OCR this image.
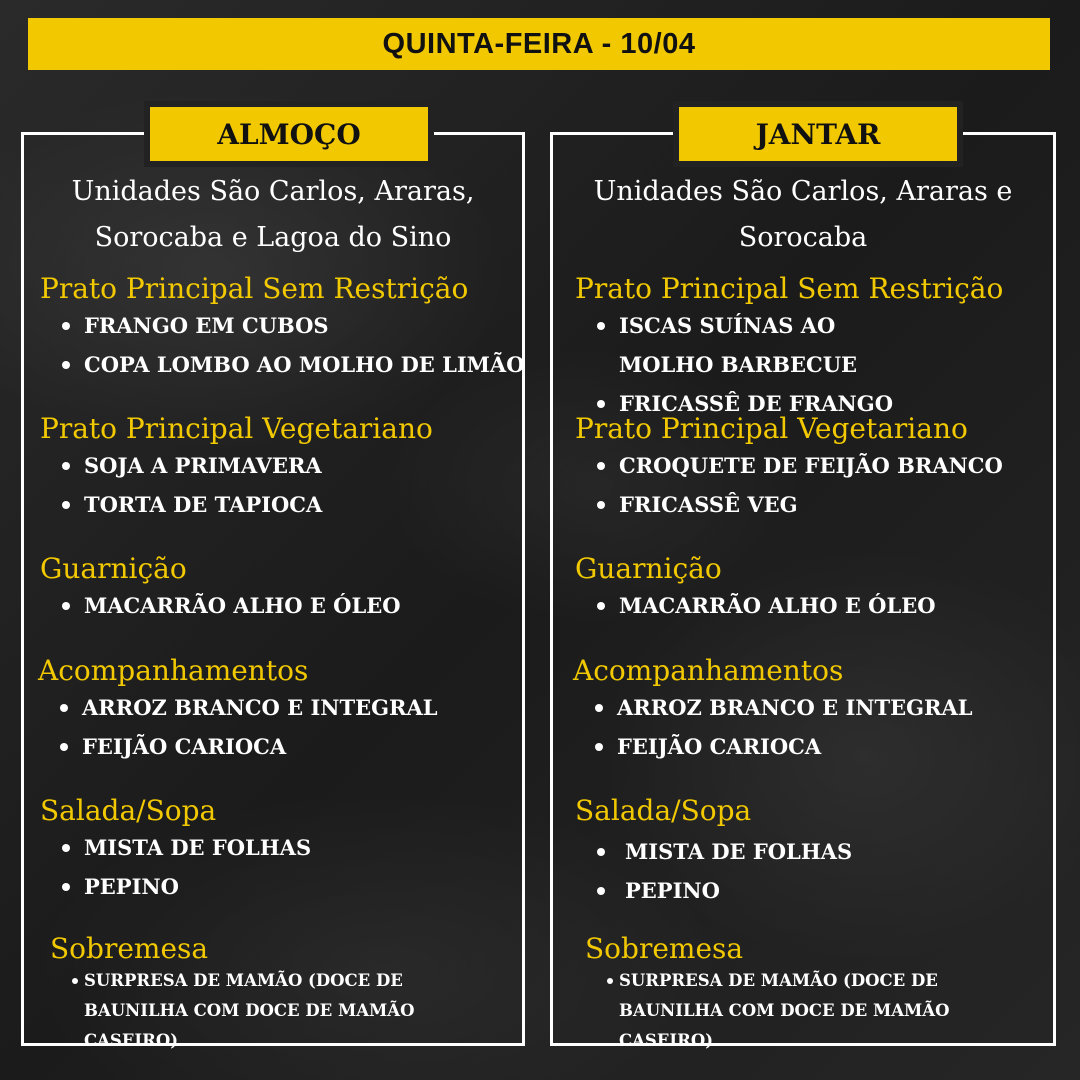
QUINTA-FEIRA - 10/04
ALMOÇO
Unidades São Carlos, Araras,
Sorocaba e Lagoa do Sino
Prato Principal Sem Restrição
FRANGO EM CUBOS
COPA LOMBO AO MOLHO DE LIMÃO
Prato Principal Vegetariano
SOJA A PRIMAVERA
TORTA DE TAPIOCA
Guarnição
MACARRÃO ALHO E ÓLEO
Acompanhamentos
ARROZ BRANCO E INTEGRAL
FEIJÃO CARIOCA
Salada/Sopa
MISTA DE FOLHAS
PEPINO
Sobremesa
SURPRESA DE MAMÃO (DOCE DE BAUNILHA COM DOCE DE MAMÃO CASEIRO)
JANTAR
Unidades São Carlos, Araras e
Sorocaba
Prato Principal Sem Restrição
ISCAS SUÍNAS AO MOLHO BARBECUE
FRICASSÊ DE FRANGO
Prato Principal Vegetariano
CROQUETE DE FEIJÃO BRANCO
FRICASSÊ VEG
Guarnição
MACARRÃO ALHO E ÓLEO
Acompanhamentos
ARROZ BRANCO E INTEGRAL
FEIJÃO CARIOCA
Salada/Sopa
MISTA DE FOLHAS
PEPINO
Sobremesa
SURPRESA DE MAMÃO (DOCE DE BAUNILHA COM DOCE DE MAMÃO CASEIRO)
